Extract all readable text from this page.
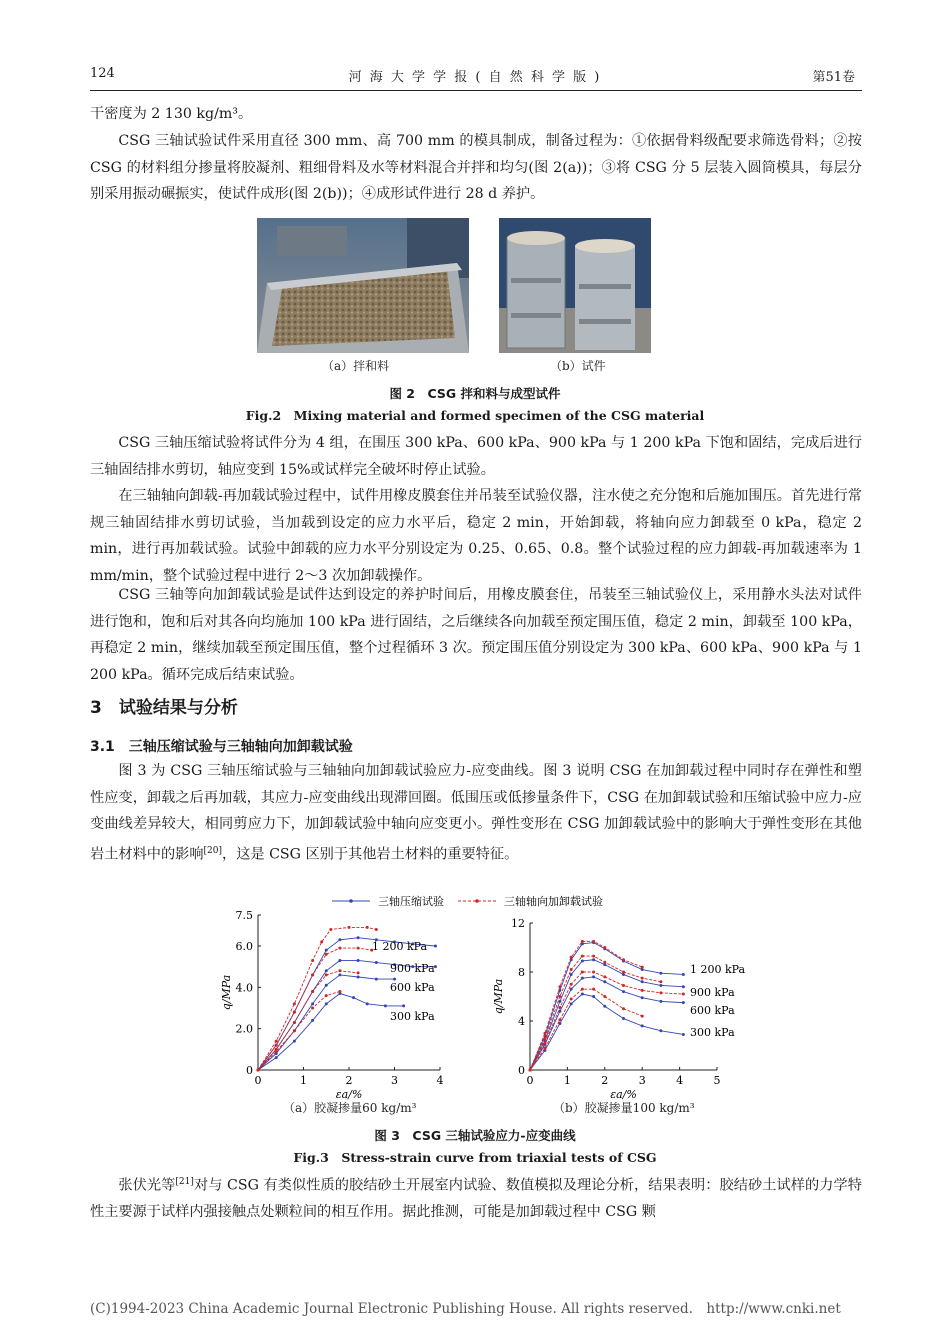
124	河 海 大 学 学 报 ( 自 然 科 学 版 )	第51卷

干密度为 2 130 kg/m³。

CSG 三轴试验试件采用直径 300 mm、高 700 mm 的模具制成，制备过程为：①依据骨料级配要求筛选骨料；②按 CSG 的材料组分掺量将胶凝剂、粗细骨料及水等材料混合并拌和均匀(图 2(a))；③将 CSG 分 5 层装入圆筒模具，每层分别采用振动碾振实，使试件成形(图 2(b))；④成形试件进行 28 d 养护。

（a）拌和料	（b）试件
图 2　CSG 拌和料与成型试件
Fig.2　Mixing material and formed specimen of the CSG material

CSG 三轴压缩试验将试件分为 4 组，在围压 300 kPa、600 kPa、900 kPa 与 1 200 kPa 下饱和固结，完成后进行三轴固结排水剪切，轴应变到 15%或试样完全破坏时停止试验。

在三轴轴向卸载-再加载试验过程中，试件用橡皮膜套住并吊装至试验仪器，注水使之充分饱和后施加围压。首先进行常规三轴固结排水剪切试验，当加载到设定的应力水平后，稳定 2 min，开始卸载，将轴向应力卸载至 0 kPa，稳定 2 min，进行再加载试验。试验中卸载的应力水平分别设定为 0.25、0.65、0.8。整个试验过程的应力卸载-再加载速率为 1 mm/min，整个试验过程中进行 2～3 次加卸载操作。

CSG 三轴等向加卸载试验是试件达到设定的养护时间后，用橡皮膜套住，吊装至三轴试验仪上，采用静水头法对试件进行饱和，饱和后对其各向均施加 100 kPa 进行固结，之后继续各向加载至预定围压值，稳定 2 min，卸载至 100 kPa，再稳定 2 min，继续加载至预定围压值，整个过程循环 3 次。预定围压值分别设定为 300 kPa、600 kPa、900 kPa 与 1 200 kPa。循环完成后结束试验。

3　试验结果与分析
3.1　三轴压缩试验与三轴轴向加卸载试验

图 3 为 CSG 三轴压缩试验与三轴轴向加卸载试验应力-应变曲线。图 3 说明 CSG 在加卸载过程中同时存在弹性和塑性应变，卸载之后再加载，其应力-应变曲线出现滞回圈。低围压或低掺量条件下，CSG 在加卸载试验和压缩试验中应力-应变曲线差异较大，相同剪应力下，加卸载试验中轴向应变更小。弹性变形在 CSG 加卸载试验中的影响大于弹性变形在其他岩土材料中的影响[20]，这是 CSG 区别于其他岩土材料的重要特征。

三轴压缩试验	三轴轴向加卸载试验
0	1	2	3	4
0
2.0
4.0
6.0
7.5
εa/%
q/MPa
1 200 kPa
900 kPa
600 kPa
300 kPa
0	1	2	3	4	5
0
4
8
12
εa/%
q/MPa
1 200 kPa
900 kPa
600 kPa
300 kPa
（a）胶凝掺量60 kg/m³	（b）胶凝掺量100 kg/m³
图 3　CSG 三轴试验应力-应变曲线
Fig.3　Stress-strain curve from triaxial tests of CSG

张伏光等[21]对与 CSG 有类似性质的胶结砂土开展室内试验、数值模拟及理论分析，结果表明：胶结砂土试样的力学特性主要源于试样内强接触点处颗粒间的相互作用。据此推测，可能是加卸载过程中 CSG 颗

(C)1994-2023 China Academic Journal Electronic Publishing House. All rights reserved.　http://www.cnki.net
